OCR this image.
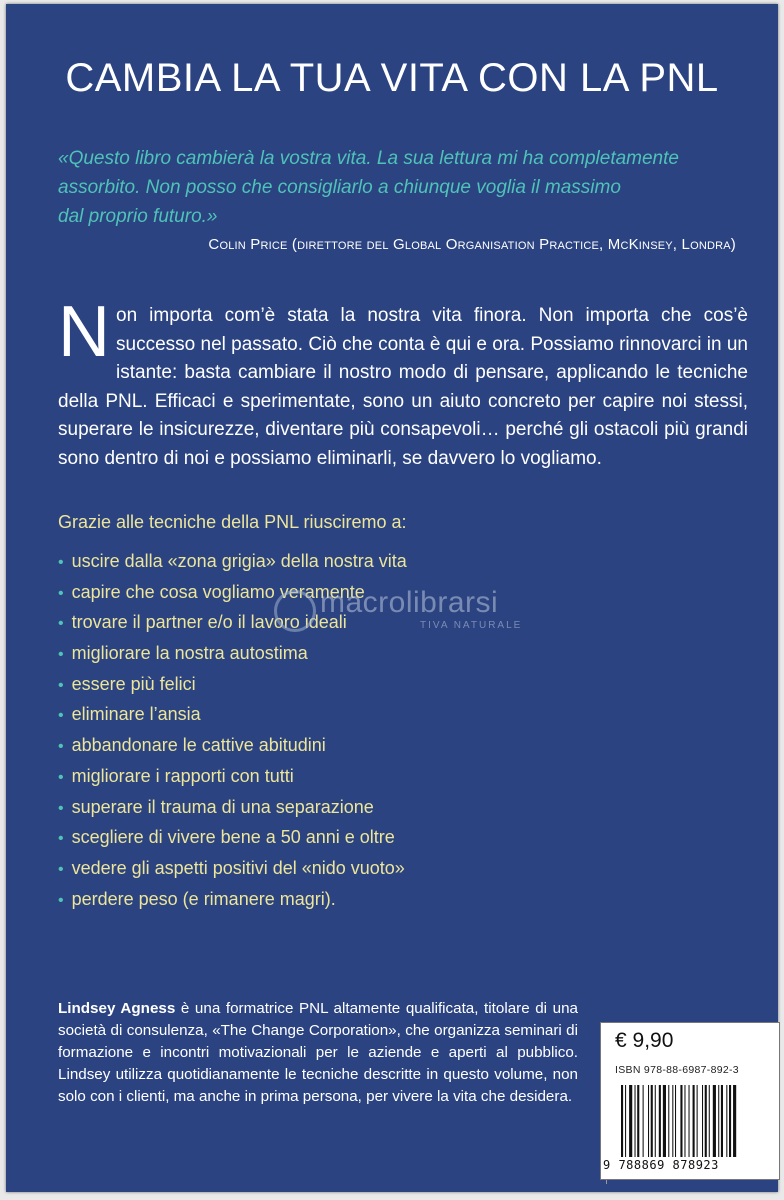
CAMBIA LA TUA VITA CON LA PNL
«Questo libro cambierà la vostra vita. La sua lettura mi ha completamente
assorbito. Non posso che consigliarlo a chiunque voglia il massimo
dal proprio futuro.»
Colin Price (direttore del Global Organisation Practice, McKinsey, Londra)
N on importa com’è stata la nostra vita finora. Non importa che cos’è successo nel passato. Ciò che conta è qui e ora. Possiamo rinnovarci in un istante: basta cambiare il nostro modo di pensare, applicando le tecniche della PNL. Efficaci e sperimentate, sono un aiuto concreto per capire noi stessi, superare le insicurezze, diventare più consapevoli… perché gli ostacoli più grandi sono dentro di noi e possiamo eliminarli, se davvero lo vogliamo.
Grazie alle tecniche della PNL riusciremo a:
• uscire dalla «zona grigia» della nostra vita
• capire che cosa vogliamo veramente
• trovare il partner e/o il lavoro ideali
• migliorare la nostra autostima
• essere più felici
• eliminare l’ansia
• abbandonare le cattive abitudini
• migliorare i rapporti con tutti
• superare il trauma di una separazione
• scegliere di vivere bene a 50 anni e oltre
• vedere gli aspetti positivi del «nido vuoto»
• perdere peso (e rimanere magri).
macrolibrarsi
TIVA NATURALE
Lindsey Agness è una formatrice PNL altamente qualificata, titolare di una società di consulenza, «The Change Corporation», che organizza seminari di formazione e incontri motivazionali per le aziende e aperti al pubblico. Lindsey utilizza quotidianamente le tecniche descritte in questo volume, non solo con i clienti, ma anche in prima persona, per vivere la vita che desidera.
€ 9,90
ISBN 978-88-6987-892-3
9 788869 878923
